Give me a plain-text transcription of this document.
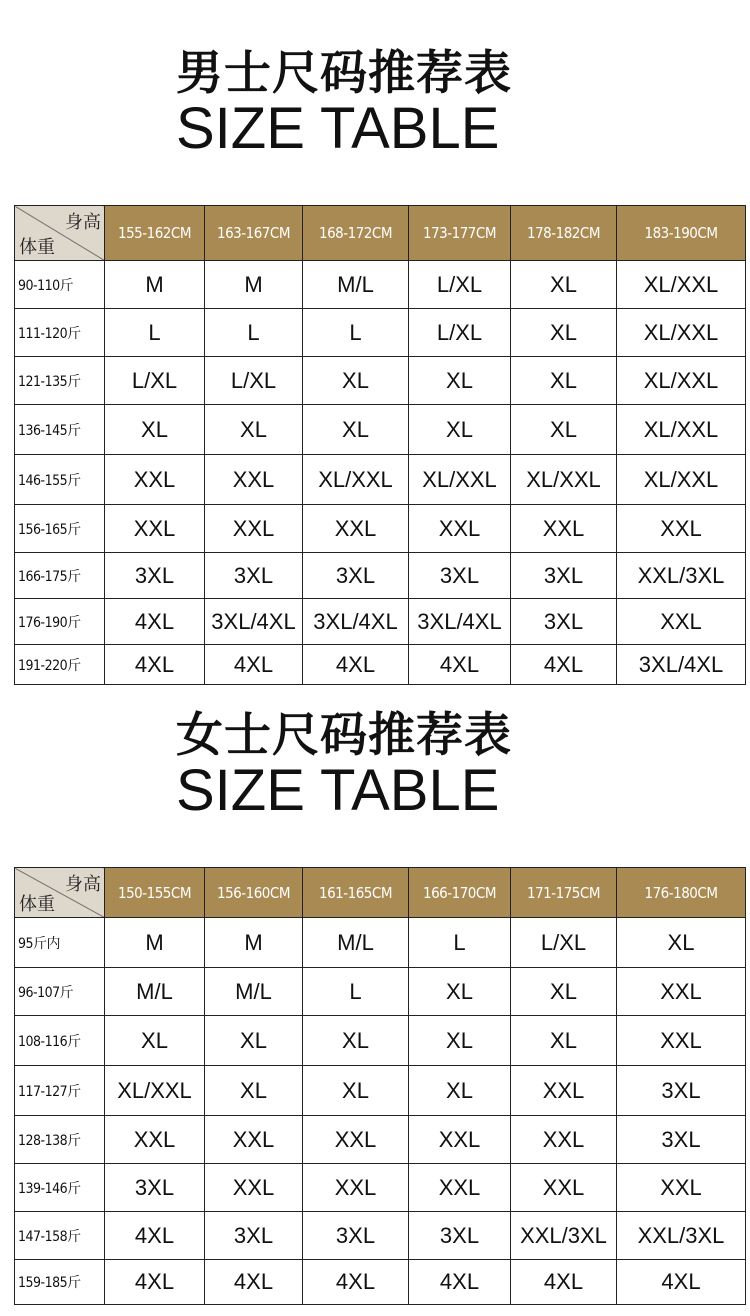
男士尺码推荐表
SIZE TABLE
身高
体重	155-162CM	163-167CM	168-172CM	173-177CM	178-182CM	183-190CM
90-110斤	M	M	M/L	L/XL	XL	XL/XXL
111-120斤	L	L	L	L/XL	XL	XL/XXL
121-135斤	L/XL	L/XL	XL	XL	XL	XL/XXL
136-145斤	XL	XL	XL	XL	XL	XL/XXL
146-155斤	XXL	XXL	XL/XXL	XL/XXL	XL/XXL	XL/XXL
156-165斤	XXL	XXL	XXL	XXL	XXL	XXL
166-175斤	3XL	3XL	3XL	3XL	3XL	XXL/3XL
176-190斤	4XL	3XL/4XL	3XL/4XL	3XL/4XL	3XL	XXL
191-220斤	4XL	4XL	4XL	4XL	4XL	3XL/4XL
女士尺码推荐表
SIZE TABLE
身高
体重	150-155CM	156-160CM	161-165CM	166-170CM	171-175CM	176-180CM
95斤内	M	M	M/L	L	L/XL	XL
96-107斤	M/L	M/L	L	XL	XL	XXL
108-116斤	XL	XL	XL	XL	XL	XXL
117-127斤	XL/XXL	XL	XL	XL	XXL	3XL
128-138斤	XXL	XXL	XXL	XXL	XXL	3XL
139-146斤	3XL	XXL	XXL	XXL	XXL	XXL
147-158斤	4XL	3XL	3XL	3XL	XXL/3XL	XXL/3XL
159-185斤	4XL	4XL	4XL	4XL	4XL	4XL
